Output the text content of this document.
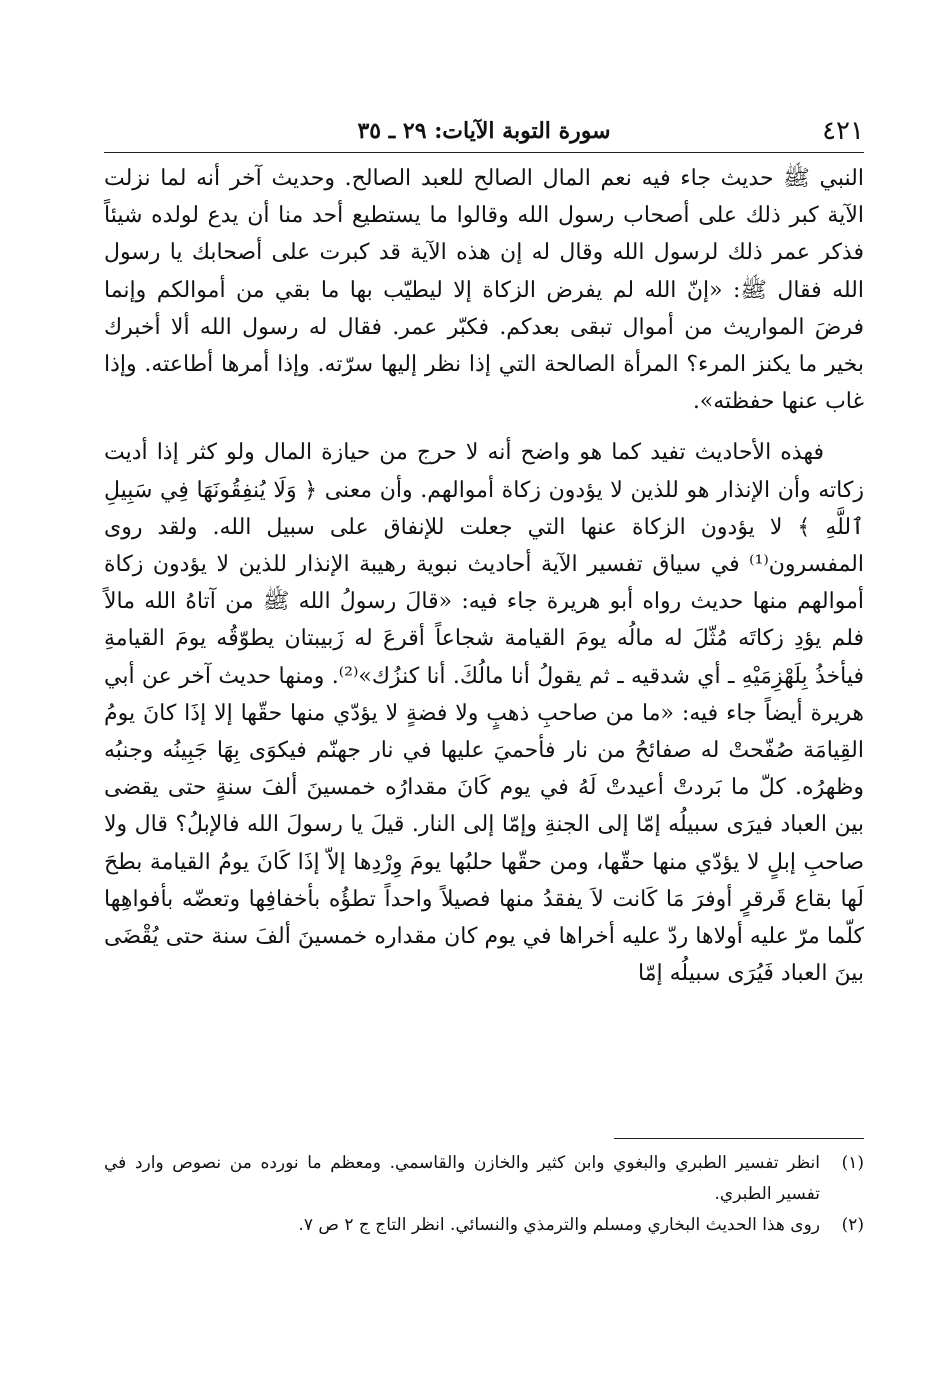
٤٢١
سورة التوبة الآيات: ٢٩ ـ ٣٥

النبي ﷺ حديث جاء فيه نعم المال الصالح للعبد الصالح. وحديث آخر أنه لما نزلت الآية كبر ذلك على أصحاب رسول الله وقالوا ما يستطيع أحد منا أن يدع لولده شيئاً فذكر عمر ذلك لرسول الله وقال له إن هذه الآية قد كبرت على أصحابك يا رسول الله فقال ﷺ: «إنّ الله لم يفرض الزكاة إلا ليطيّب بها ما بقي من أموالكم وإنما فرضَ المواريث من أموال تبقى بعدكم. فكبّر عمر. فقال له رسول الله ألا أخبرك بخير ما يكنز المرء؟ المرأة الصالحة التي إذا نظر إليها سرّته. وإذا أمرها أطاعته. وإذا غاب عنها حفظته».

فهذه الأحاديث تفيد كما هو واضح أنه لا حرج من حيازة المال ولو كثر إذا أديت زكاته وأن الإنذار هو للذين لا يؤدون زكاة أموالهم. وأن معنى ﴿ وَلَا يُنفِقُونَهَا فِي سَبِيلِ ٱللَّهِ ﴾ لا يؤدون الزكاة عنها التي جعلت للإنفاق على سبيل الله. ولقد روى المفسرون⁽¹⁾ في سياق تفسير الآية أحاديث نبوية رهيبة الإنذار للذين لا يؤدون زكاة أموالهم منها حديث رواه أبو هريرة جاء فيه: «قالَ رسولُ الله ﷺ من آتاهُ الله مالاً فلم يؤدِ زكاتَه مُثّلَ له مالُه يومَ القيامة شجاعاً أقرعَ له زَبيبتان يطوّقُه يومَ القيامةِ فيأخذُ بِلَهْزِمَيْهِ ـ أي شدقيه ـ ثم يقولُ أنا مالُكَ. أنا كنزُك»⁽²⁾. ومنها حديث آخر عن أبي هريرة أيضاً جاء فيه: «ما من صاحبِ ذهبٍ ولا فضةٍ لا يؤدّي منها حقّها إلا إذَا كانَ يومُ القِيامَة صُفّحتْ له صفائحُ من نار فأحميَ عليها في نار جهنّم فيكوَى بِهَا جَبِينُه وجنبُه وظهرُه. كلّ ما بَردتْ أعيدتْ لَهُ في يوم كَانَ مقدارُه خمسينَ ألفَ سنةٍ حتى يقضى بين العباد فيرَى سبيلُه إمّا إلى الجنةِ وإمّا إلى النار. قيلَ يا رسولَ الله فالإبلُ؟ قال ولا صاحبِ إبلٍ لا يؤدّي منها حقّها، ومن حقّها حلبُها يومَ وِرْدِها إلاّ إذَا كَانَ يومُ القيامة بطحَ لَها بقاع قَرقرٍ أوفرَ مَا كَانت لاَ يفقدُ منها فصيلاً واحداً تطؤُه بأخفافِها وتعضّه بأفواهِها كلّما مرّ عليه أولاها ردّ عليه أخراها في يوم كان مقداره خمسينَ ألفَ سنة حتى يُقْضَى بينَ العباد فَيُرَى سبيلُه إمّا

(١)
انظر تفسير الطبري والبغوي وابن كثير والخازن والقاسمي. ومعظم ما نورده من نصوص وارد في تفسير الطبري.
(٢)
روى هذا الحديث البخاري ومسلم والترمذي والنسائي. انظر التاج ج ٢ ص ٧.
